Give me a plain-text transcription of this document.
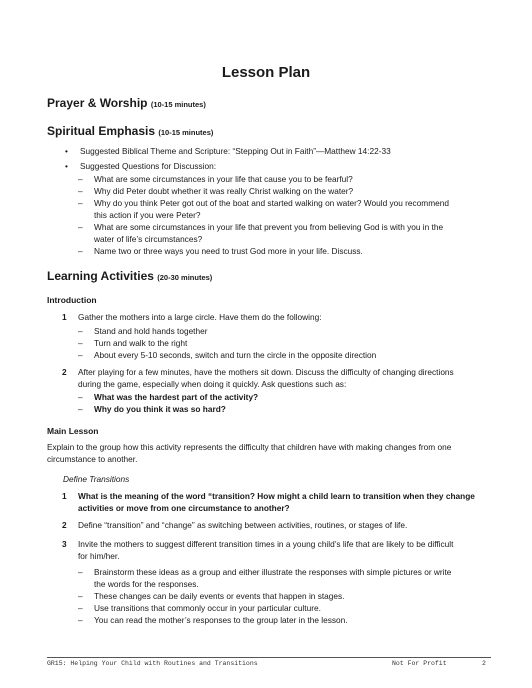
Lesson Plan
Prayer & Worship (10-15 minutes)
Spiritual Emphasis (10-15 minutes)
• Suggested Biblical Theme and Scripture: “Stepping Out in Faith”—Matthew 14:22-33
• Suggested Questions for Discussion:
– What are some circumstances in your life that cause you to be fearful?
– Why did Peter doubt whether it was really Christ walking on the water?
– Why do you think Peter got out of the boat and started walking on water? Would you recommend
this action if you were Peter?
– What are some circumstances in your life that prevent you from believing God is with you in the
water of life’s circumstances?
– Name two or three ways you need to trust God more in your life. Discuss.
Learning Activities (20-30 minutes)
Introduction
1 Gather the mothers into a large circle. Have them do the following:
– Stand and hold hands together
– Turn and walk to the right
– About every 5-10 seconds, switch and turn the circle in the opposite direction
2 After playing for a few minutes, have the mothers sit down. Discuss the difficulty of changing directions
during the game, especially when doing it quickly. Ask questions such as:
– What was the hardest part of the activity?
– Why do you think it was so hard?
Main Lesson
Explain to the group how this activity represents the difficulty that children have with making changes from one
circumstance to another.
Define Transitions
1 What is the meaning of the word “transition? How might a child learn to transition when they change
activities or move from one circumstance to another?
2 Define “transition” and “change” as switching between activities, routines, or stages of life.
3 Invite the mothers to suggest different transition times in a young child’s life that are likely to be difficult
for him/her.
– Brainstorm these ideas as a group and either illustrate the responses with simple pictures or write
the words for the responses.
– These changes can be daily events or events that happen in stages.
– Use transitions that commonly occur in your particular culture.
– You can read the mother’s responses to the group later in the lesson.
GR15: Helping Your Child with Routines and Transitions	Not For Profit	2
